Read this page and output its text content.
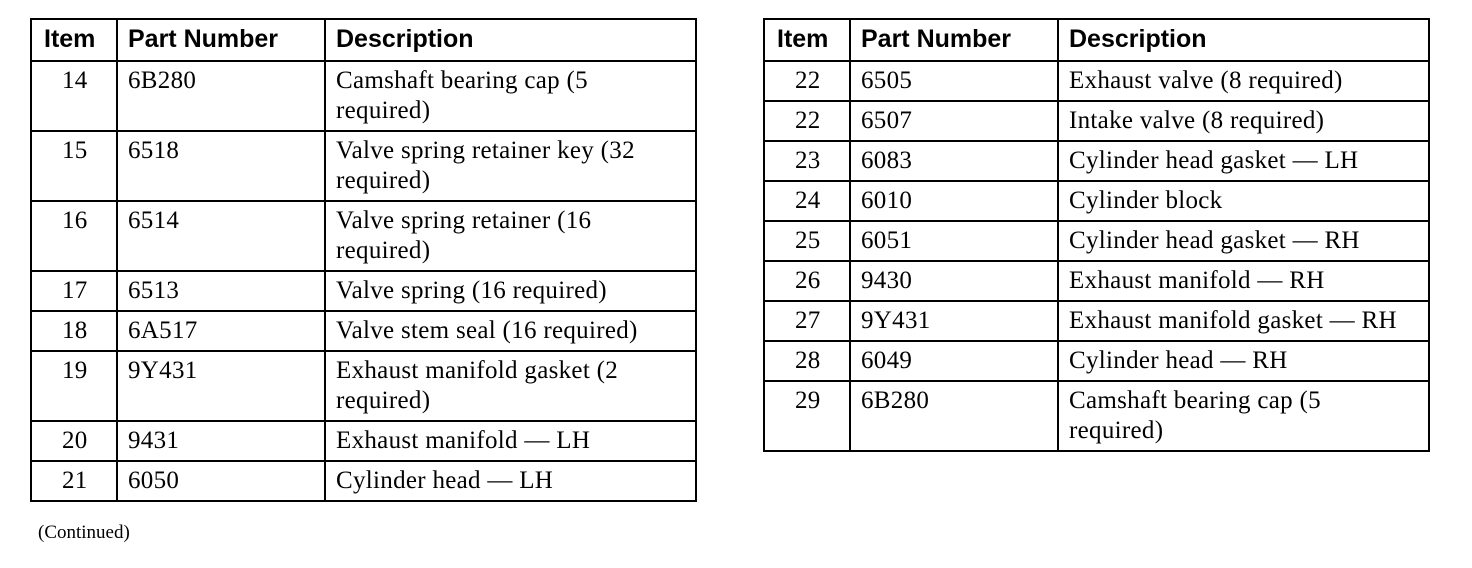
Item	Part Number	Description
14	6B280	Camshaft bearing cap (5 required)
15	6518	Valve spring retainer key (32 required)
16	6514	Valve spring retainer (16 required)
17	6513	Valve spring (16 required)
18	6A517	Valve stem seal (16 required)
19	9Y431	Exhaust manifold gasket (2 required)
20	9431	Exhaust manifold — LH
21	6050	Cylinder head — LH
Item	Part Number	Description
22	6505	Exhaust valve (8 required)
22	6507	Intake valve (8 required)
23	6083	Cylinder head gasket — LH
24	6010	Cylinder block
25	6051	Cylinder head gasket — RH
26	9430	Exhaust manifold — RH
27	9Y431	Exhaust manifold gasket — RH
28	6049	Cylinder head — RH
29	6B280	Camshaft bearing cap (5 required)
(Continued)
